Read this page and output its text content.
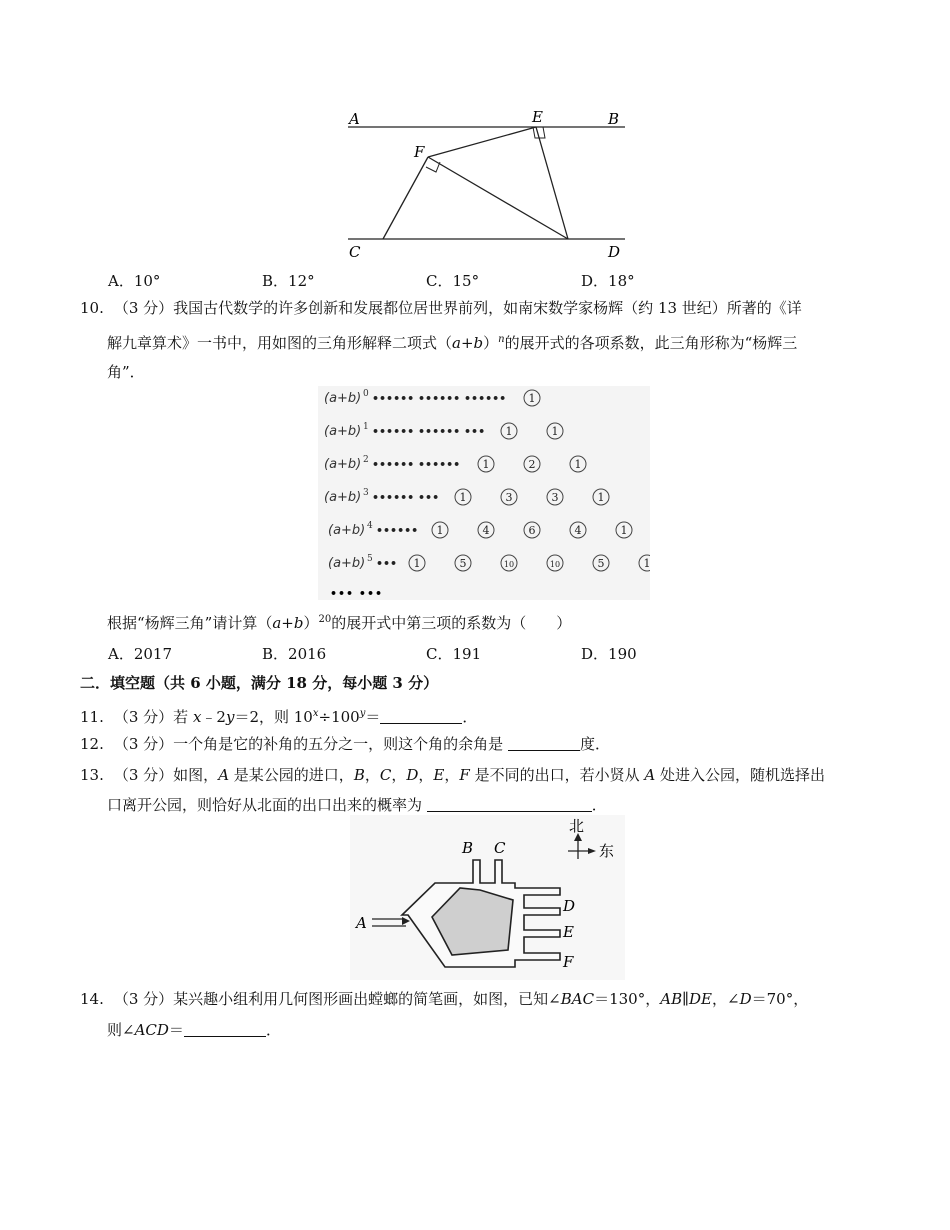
A	B
E
F
C	D
A．10°	B．12°	C．15°	D．18°
10. （3 分）我国古代数学的许多创新和发展都位居世界前列，如南宋数学家杨辉（约 13 世纪）所著的《详
解九章算术》一书中，用如图的三角形解释二项式$(a+b)^n$的展开式的各项系数，此三角形称为“杨辉三
角”．
(a+b) 0 •••••• •••••• •••••• 1
(a+b) 1 •••••• •••••• ••• 1	1
(a+b) 2 •••••• •••••• 1	2	1
(a+b) 3 •••••• ••• 1	3	3	1
(a+b) 4 •••••• 1	4	6	4	1
(a+b) 5 ••• 1	5	10	10	5	1
••• •••
根据“杨辉三角”请计算$(a+b)^{20}$的展开式中第三项的系数为（　　）
A．2017	B．2016	C．191	D．190
二．填空题（共 6 小题，满分 18 分，每小题 3 分）
11. （3 分）若 x﹣2y＝2，则 $10^x\div 100^y=$	．
12. （3 分）一个角是它的补角的五分之一，则这个角的余角是	度．
13. （3 分）如图，A 是某公园的进口，B，C，D，E，F 是不同的出口，若小贤从 A 处进入公园，随机选择出
口离开公园，则恰好从北面的出口出来的概率为	．
北
东
A
B C
D
E
F
14. （3 分）某兴趣小组利用几何图形画出螳螂的简笔画，如图，已知∠BAC＝130°，AB∥DE，∠D＝70°，
则∠ACD＝	．
